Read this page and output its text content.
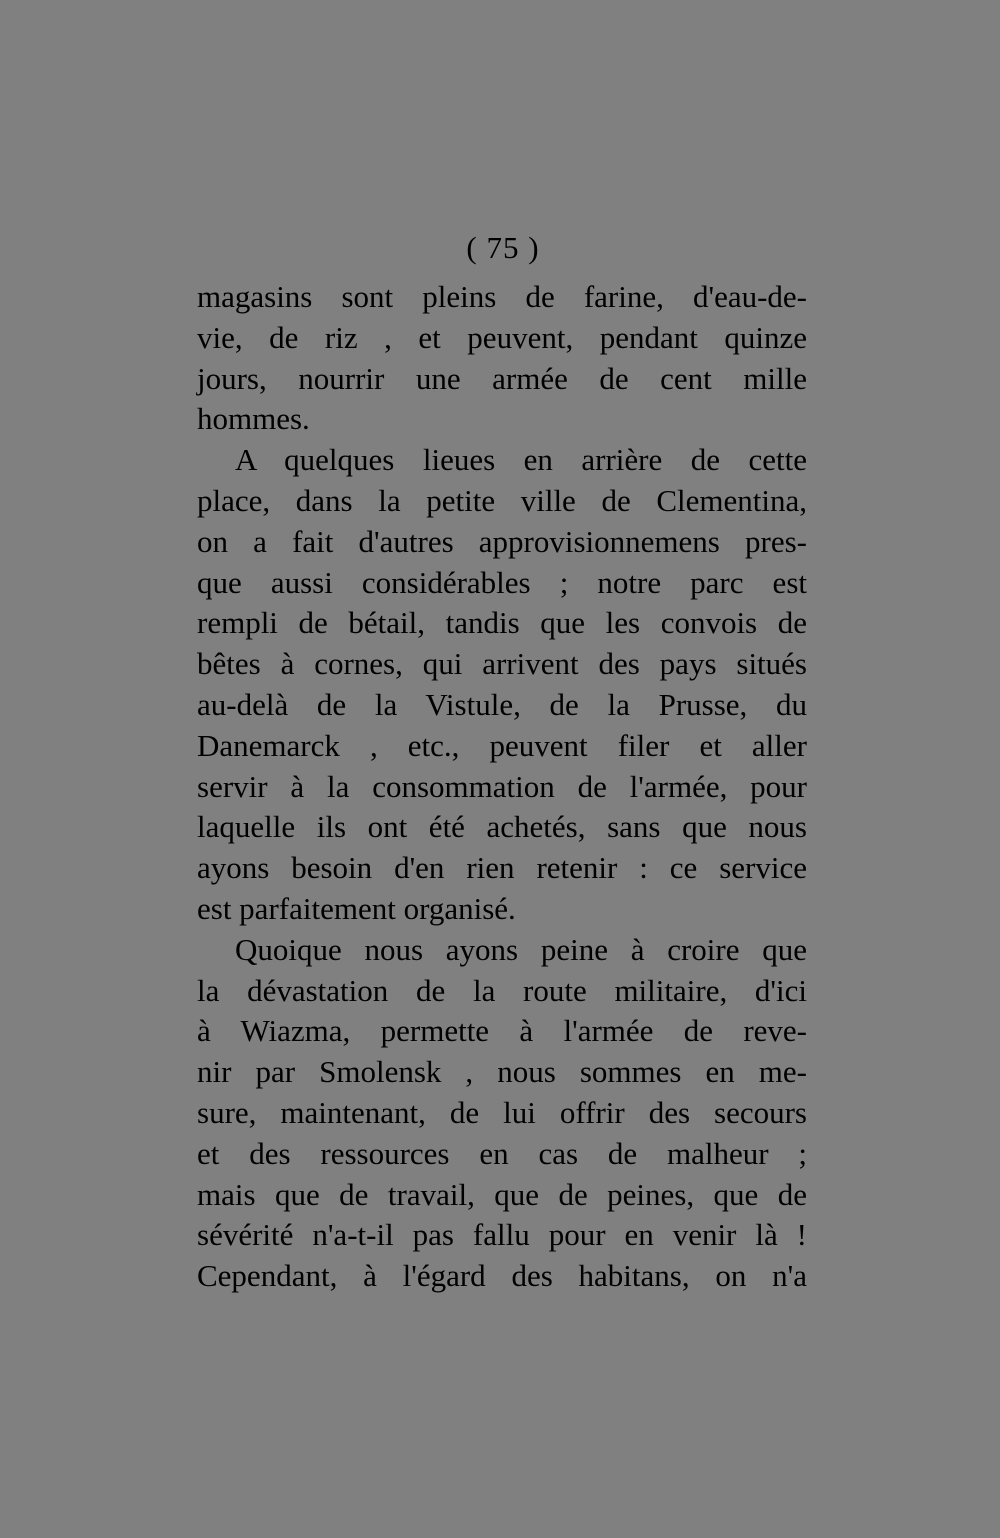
( 75 )
magasins sont pleins de farine, d'eau-de-
vie, de riz , et peuvent, pendant quinze
jours, nourrir une armée de cent mille
hommes.
A quelques lieues en arrière de cette
place, dans la petite ville de Clementina,
on a fait d'autres approvisionnemens pres-
que aussi considérables ; notre parc est
rempli de bétail, tandis que les convois de
bêtes à cornes, qui arrivent des pays situés
au-delà de la Vistule, de la Prusse, du
Danemarck , etc., peuvent filer et aller
servir à la consommation de l'armée, pour
laquelle ils ont été achetés, sans que nous
ayons besoin d'en rien retenir : ce service
est parfaitement organisé.
Quoique nous ayons peine à croire que
la dévastation de la route militaire, d'ici
à Wiazma, permette à l'armée de reve-
nir par Smolensk , nous sommes en me-
sure, maintenant, de lui offrir des secours
et des ressources en cas de malheur ;
mais que de travail, que de peines, que de
sévérité n'a-t-il pas fallu pour en venir là !
Cependant, à l'égard des habitans, on n'a
